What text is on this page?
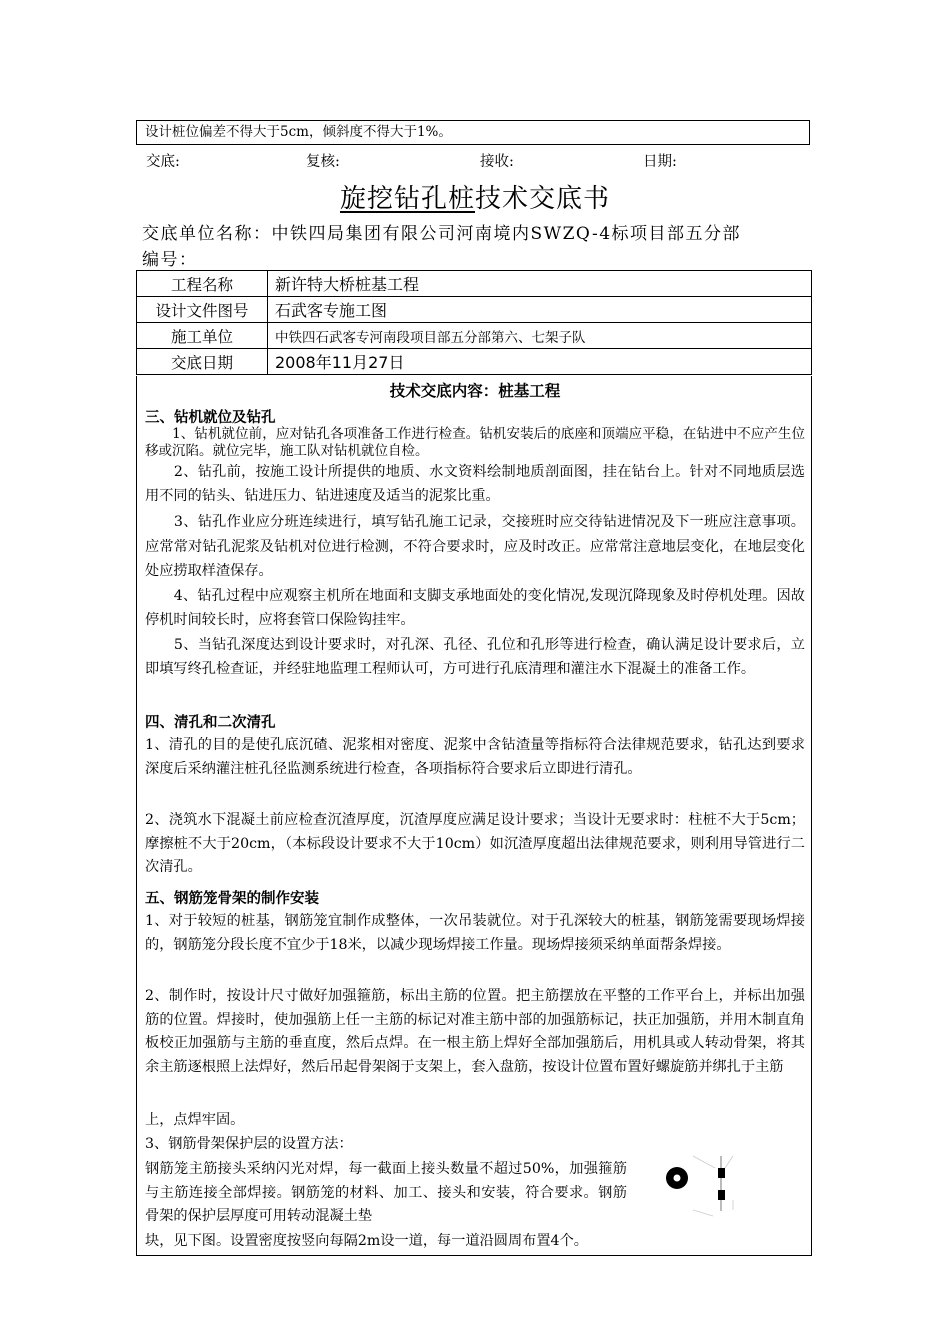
设计桩位偏差不得大于5cm，倾斜度不得大于1%。
交底:	复核:	接收:	日期:
旋挖钻孔桩技术交底书
交底单位名称：中铁四局集团有限公司河南境内SWZQ-4标项目部五分部
编号：
工程名称	新许特大桥桩基工程
设计文件图号	石武客专施工图
施工单位	中铁四石武客专河南段项目部五分部第六、七架子队
交底日期	2008年11月27日
技术交底内容：桩基工程
三、钻机就位及钻孔
　　1、钻机就位前，应对钻孔各项准备工作进行检查。钻机安装后的底座和顶端应平稳，在钻进中不应产生位移或沉陷。就位完毕，施工队对钻机就位自检。
　　2、钻孔前，按施工设计所提供的地质、水文资料绘制地质剖面图，挂在钻台上。针对不同地质层选用不同的钻头、钻进压力、钻进速度及适当的泥浆比重。
　　3、钻孔作业应分班连续进行，填写钻孔施工记录，交接班时应交待钻进情况及下一班应注意事项。应常常对钻孔泥浆及钻机对位进行检测，不符合要求时，应及时改正。应常常注意地层变化，在地层变化处应捞取样渣保存。
　　4、钻孔过程中应观察主机所在地面和支脚支承地面处的变化情况,发现沉降现象及时停机处理。因故停机时间较长时，应将套管口保险钩挂牢。
　　5、当钻孔深度达到设计要求时，对孔深、孔径、孔位和孔形等进行检查，确认满足设计要求后，立即填写终孔检查证，并经驻地监理工程师认可，方可进行孔底清理和灌注水下混凝土的准备工作。
四、清孔和二次清孔
1、清孔的目的是使孔底沉碴、泥浆相对密度、泥浆中含钻渣量等指标符合法律规范要求，钻孔达到要求深度后采纳灌注桩孔径监测系统进行检查，各项指标符合要求后立即进行清孔。
2、浇筑水下混凝土前应检查沉渣厚度，沉渣厚度应满足设计要求；当设计无要求时：柱桩不大于5cm；摩擦桩不大于20cm，（本标段设计要求不大于10cm）如沉渣厚度超出法律规范要求，则利用导管进行二次清孔。
五、钢筋笼骨架的制作安装
1、对于较短的桩基，钢筋笼宜制作成整体，一次吊装就位。对于孔深较大的桩基，钢筋笼需要现场焊接的，钢筋笼分段长度不宜少于18米，以减少现场焊接工作量。现场焊接须采纳单面帮条焊接。
2、制作时，按设计尺寸做好加强箍筋，标出主筋的位置。把主筋摆放在平整的工作平台上，并标出加强筋的位置。焊接时，使加强筋上任一主筋的标记对准主筋中部的加强筋标记，扶正加强筋，并用木制直角板校正加强筋与主筋的垂直度，然后点焊。在一根主筋上焊好全部加强筋后，用机具或人转动骨架，将其余主筋逐根照上法焊好，然后吊起骨架阁于支架上，套入盘筋，按设计位置布置好螺旋筋并绑扎于主筋
上，点焊牢固。
3、钢筋骨架保护层的设置方法：
钢筋笼主筋接头采纳闪光对焊，每一截面上接头数量不超过50%，加强箍筋与主筋连接全部焊接。钢筋笼的材料、加工、接头和安装，符合要求。钢筋骨架的保护层厚度可用转动混凝土垫
块，见下图。设置密度按竖向每隔2m设一道，每一道沿圆周布置4个。
